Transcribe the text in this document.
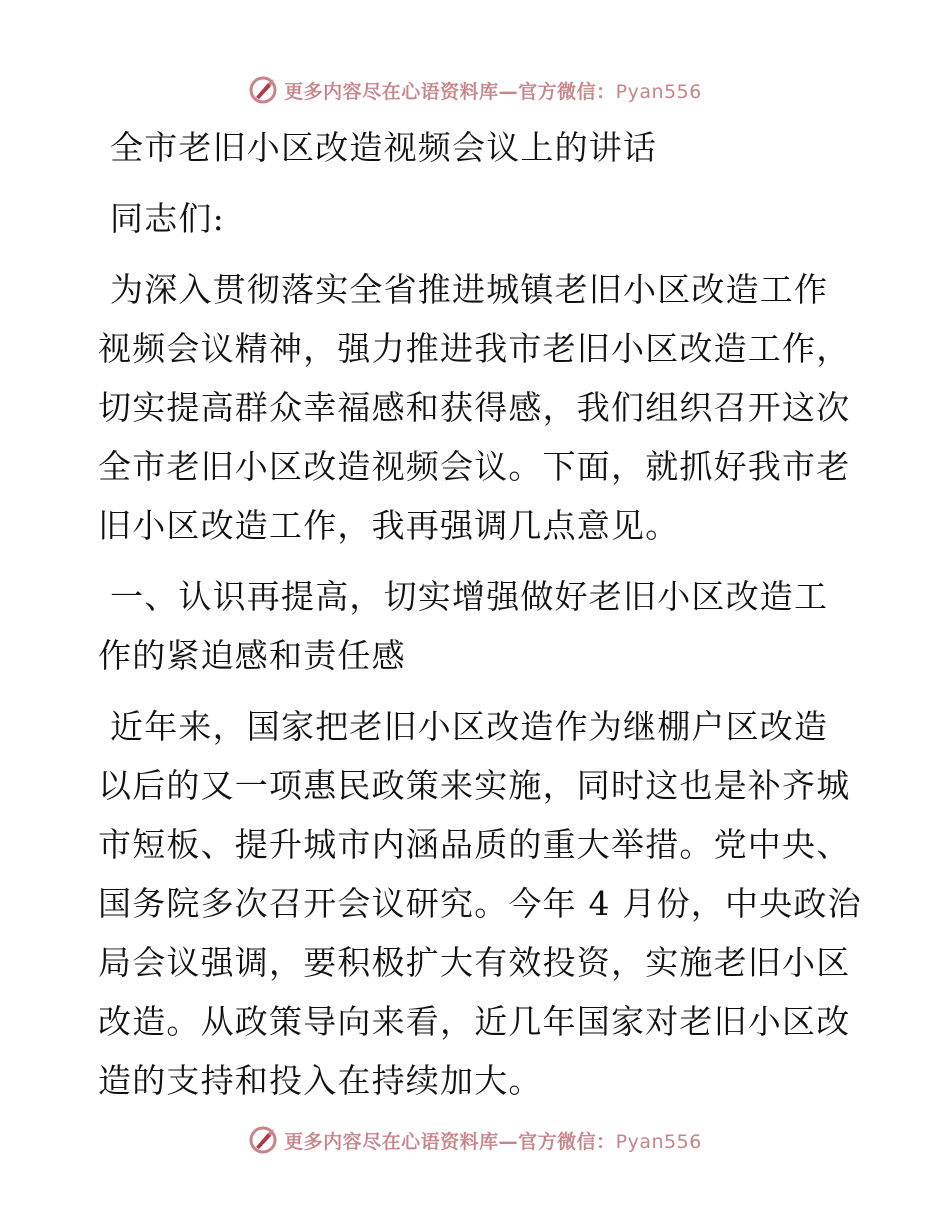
更多内容尽在心语资料库—官方微信：Pyan556
全市老旧小区改造视频会议上的讲话
同志们:
为深入贯彻落实全省推进城镇老旧小区改造工作
视频会议精神，强力推进我市老旧小区改造工作，
切实提高群众幸福感和获得感，我们组织召开这次
全市老旧小区改造视频会议。下面，就抓好我市老
旧小区改造工作，我再强调几点意见。
一、认识再提高，切实增强做好老旧小区改造工
作的紧迫感和责任感
近年来，国家把老旧小区改造作为继棚户区改造
以后的又一项惠民政策来实施，同时这也是补齐城
市短板、提升城市内涵品质的重大举措。党中央、
国务院多次召开会议研究。今年 4 月份，中央政治
局会议强调，要积极扩大有效投资，实施老旧小区
改造。从政策导向来看，近几年国家对老旧小区改
造的支持和投入在持续加大。
更多内容尽在心语资料库—官方微信：Pyan556
